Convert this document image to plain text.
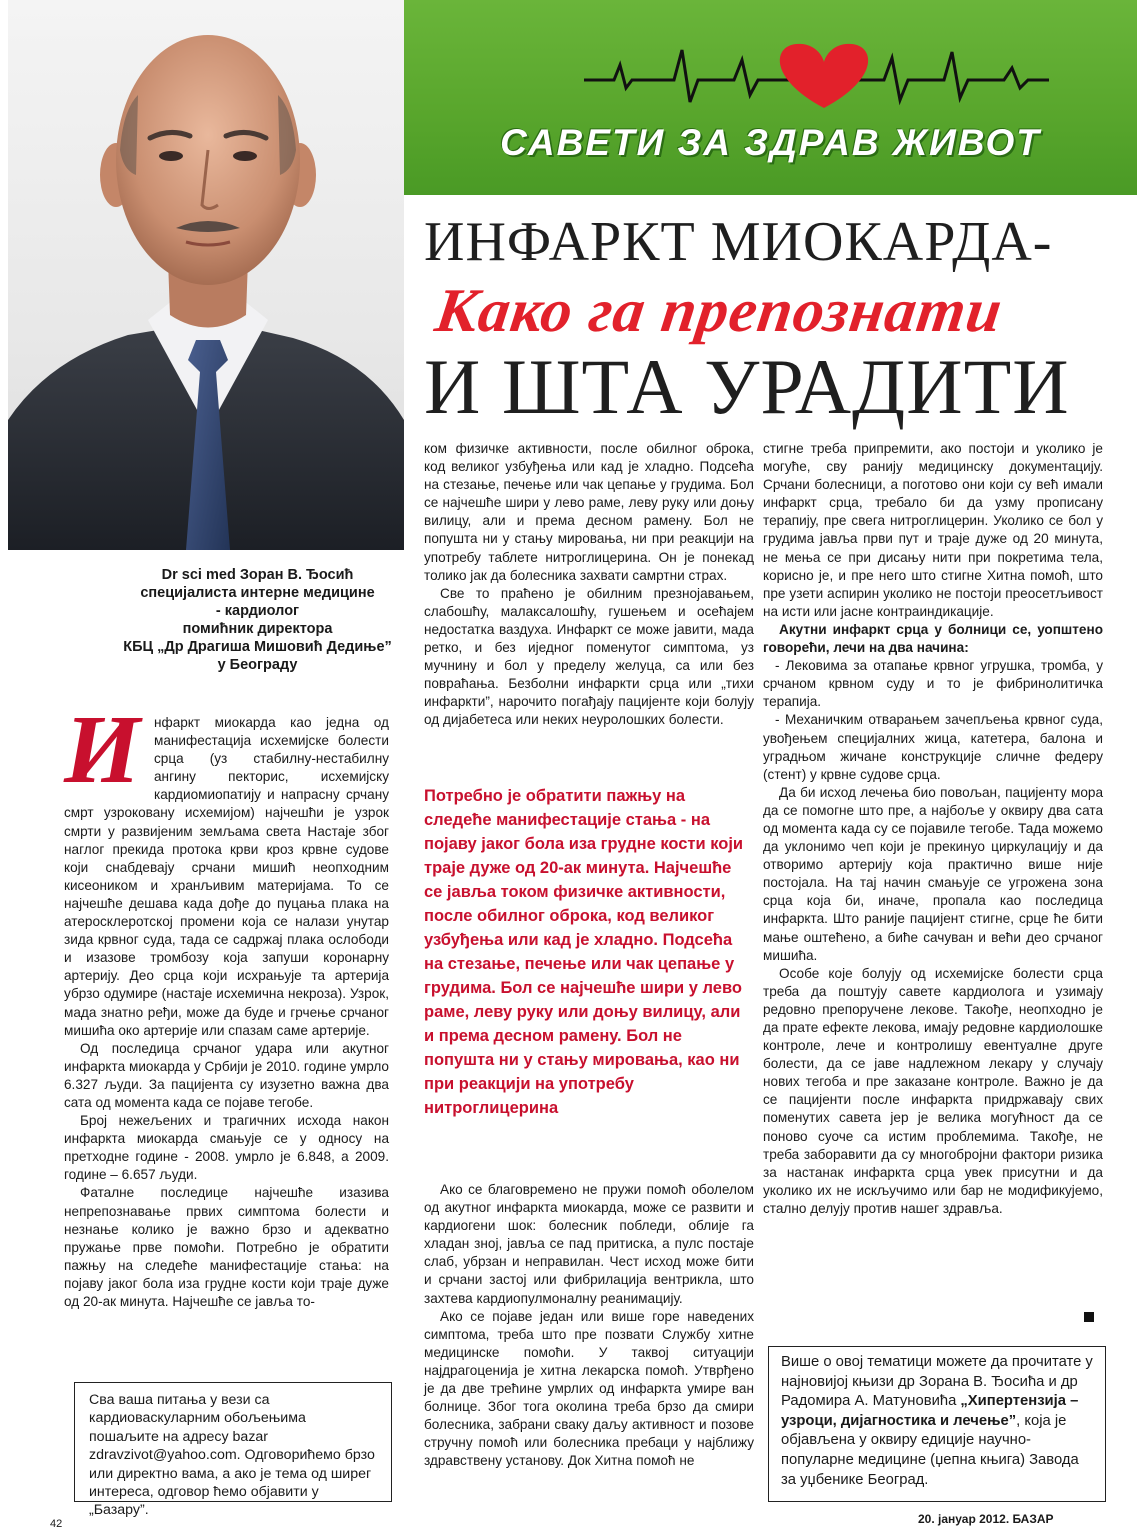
Dr sci med Зоран В. Ђосић
специјалиста интерне медицине
- кардиолог
помићник директора
КБЦ „Др Драгиша Мишовић Дедиње”
у Београду
САВЕТИ ЗА ЗДРАВ ЖИВОТ
ИНФАРКТ МИОКАРДА-
Како га препознати
И ШТА УРАДИТИ
И	нфаркт миокарда као једна од манифестација исхемијске болести срца (уз стабилну-нестабилну ангину пекторис, исхемијску кардиомиопатију и напрасну срчану смрт узроковану исхемијом) најчешћи је узрок смрти у развијеним земљама света Настаје због наглог прекида протока крви кроз крвне судове који снабдевају срчани мишић неопходним кисеоником и хранљивим материјама. То се најчешће дешава када дође до пуцања плака на атеросклеротској промени која се налази унутар зида крвног суда, тада се садржај плака ослободи и изазове тромбозу која запуши коронарну артерију. Део срца који исхрањује та артерија убрзо одумире (настаје исхемична некроза). Узрок, мада знатно ређи, може да буде и грчење срчаног мишића око артерије или спазам саме артерије.

Од последица срчаног удара или акутног инфаркта миокарда у Србији је 2010. године умрло 6.327 људи. За пацијента су изузетно важна два сата од момента када се појаве тегобе.

Број нежељених и трагичних исхода након инфаркта миокарда смањује се у односу на претходне године - 2008. умрло је 6.848, а 2009. године – 6.657 људи.

Фаталне последице најчешће изазива непрепознавање првих симптома болести и незнање колико је важно брзо и адекватно пружање прве помоћи. Потребно је обратити пажњу на следеће манифестације стања: на појаву јаког бола иза грудне кости који траје дуже од 20-ак минута. Најчешће се јавља то-

ком физичке активности, после обилног оброка, код великог узбуђења или кад је хладно. Подсећа на стезање, печење или чак цепање у грудима. Бол се најчешће шири у лево раме, леву руку или доњу вилицу, али и према десном рамену. Бол не попушта ни у стању мировања, ни при реакцији на употребу таблете нитроглицерина. Он је понекад толико јак да болесника захвати самртни страх.

Све то праћено је обилним презнојавањем, слабошћу, малаксалошћу, гушењем и осећајем недостатка ваздуха. Инфаркт се може јавити, мада ретко, и без иједног поменутог симптома, уз мучнину и бол у пределу желуца, са или без повраћања. Безболни инфаркти срца или „тихи инфаркти”, нарочито погађају пацијенте који болују од дијабетеса или неких неуролошких болести.

Потребно је обратити пажњу на следеће манифестације стања - на појаву јаког бола иза грудне кости који траје дуже од 20-ак минута. Најчешће се јавља током физичке активности, после обилног оброка, код великог узбуђења или кад је хладно. Подсећа на стезање, печење или чак цепање у грудима. Бол се најчешће шири у лево раме, леву руку или доњу вилицу, али и према десном рамену. Бол не попушта ни у стању мировања, као ни при реакцији на употребу нитроглицерина

Ако се благовремено не пружи помоћ оболелом од акутног инфаркта миокарда, може се развити и кардиогени шок: болесник побледи, облије га хладан зној, јавља се пад притиска, а пулс постаје слаб, убрзан и неправилан. Чест исход може бити и срчани застој или фибрилација вентрикла, што захтева кардиопулмоналну реанимацију.

Ако се појаве један или више горе наведених симптома, треба што пре позвати Службу хитне медицинске помоћи. У таквој ситуацији најдрагоценија је хитна лекарска помоћ. Утврђено је да две трећине умрлих од инфаркта умире ван болнице. Због тога околина треба брзо да смири болесника, забрани сваку даљу активност и позове стручну помоћ или болесника пребаци у најближу здравствену установу. Док Хитна помоћ не

стигне треба припремити, ако постоји и уколико је могуће, сву ранију медицинску документацију. Срчани болесници, а поготово они који су већ имали инфаркт срца, требало би да узму прописану терапију, пре свега нитроглицерин. Уколико се бол у грудима јавља први пут и траје дуже од 20 минута, не мења се при дисању нити при покретима тела, корисно је, и пре него што стигне Хитна помоћ, што пре узети аспирин уколико не постоји преосетљивост на исти или јасне контраиндикације.

Акутни инфаркт срца у болници се, уопштено говорећи, лечи на два начина:

- Лековима за отапање крвног угрушка, тромба, у срчаном крвном суду и то је фибринолитичка терапија.

- Механичким отварањем зачепљења крвног суда, увођењем специјалних жица, катетера, балона и уградњом жичане конструкције сличне федеру (стент) у крвне судове срца.

Да би исход лечења био повољан, пацијенту мора да се помогне што пре, а најбоље у оквиру два сата од момента када су се појавиле тегобе. Тада можемо да уклонимо чеп који је прекинуо циркулацију и да отворимо артерију која практично више није постојала. На тај начин смањује се угрожена зона срца која би, иначе, пропала као последица инфаркта. Што раније пацијент стигне, срце ће бити мање оштећено, а биће сачуван и већи део срчаног мишића.

Особе које болују од исхемијске болести срца треба да поштују савете кардиолога и узимају редовно препоручене лекове. Такође, неопходно је да прате ефекте лекова, имају редовне кардиолошке контроле, лече и контролишу евентуалне друге болести, да се јаве надлежном лекару у случају нових тегоба и пре заказане контроле. Важно је да се пацијенти после инфаркта придржавају свих поменутих савета јер је велика могућност да се поново суоче са истим проблемима. Такође, не треба заборавити да су многобројни фактори ризика за настанак инфаркта срца увек присутни и да уколико их не искључимо или бар не модификујемо, стално делују против нашег здравља.

Сва ваша питања у вези са кардиоваскуларним обољењима пошаљите на адресу bazar zdravzivot@yahoo.com. Одговорићемо брзо или директно вама, а ако је тема од ширег интереса, одговор ћемо објавити у „Базару”.
Више о овој тематици можете да прочитате у најновијој књизи др Зорана В. Ђосића и др Радомира А. Матуновића „Хипертензија – узроци, дијагностика и лечење”, која је објављена у оквиру едиције научно-популарне медицине (џепна књига) Завода за уџбенике Београд.
42	20. јануар 2012. БАЗАР
